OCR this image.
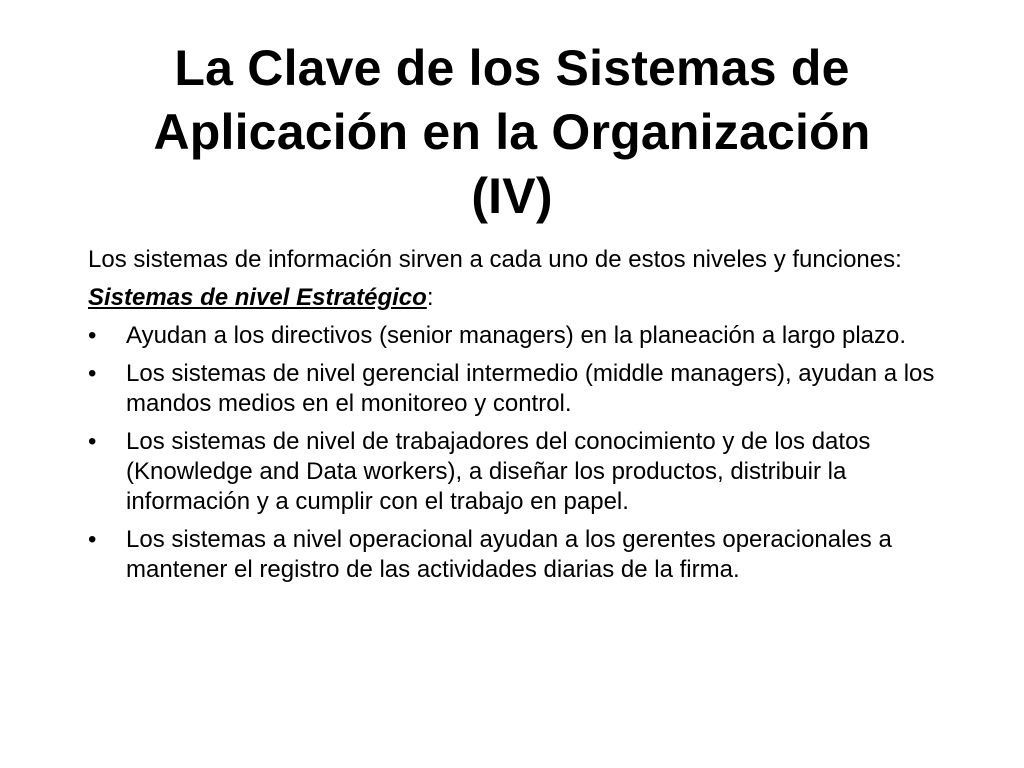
La Clave de los Sistemas de
Aplicación en la Organización
(IV)

Los sistemas de información sirven a cada uno de estos niveles y funciones:

Sistemas de nivel Estratégico:

• Ayudan a los directivos (senior managers) en la planeación a largo plazo.
• Los sistemas de nivel gerencial intermedio (middle managers), ayudan a los mandos medios en el monitoreo y control.
• Los sistemas de nivel de trabajadores del conocimiento y de los datos (Knowledge and Data workers), a diseñar los productos, distribuir la información y a cumplir con el trabajo en papel.
• Los sistemas a nivel operacional ayudan a los gerentes operacionales a mantener el registro de las actividades diarias de la firma.
